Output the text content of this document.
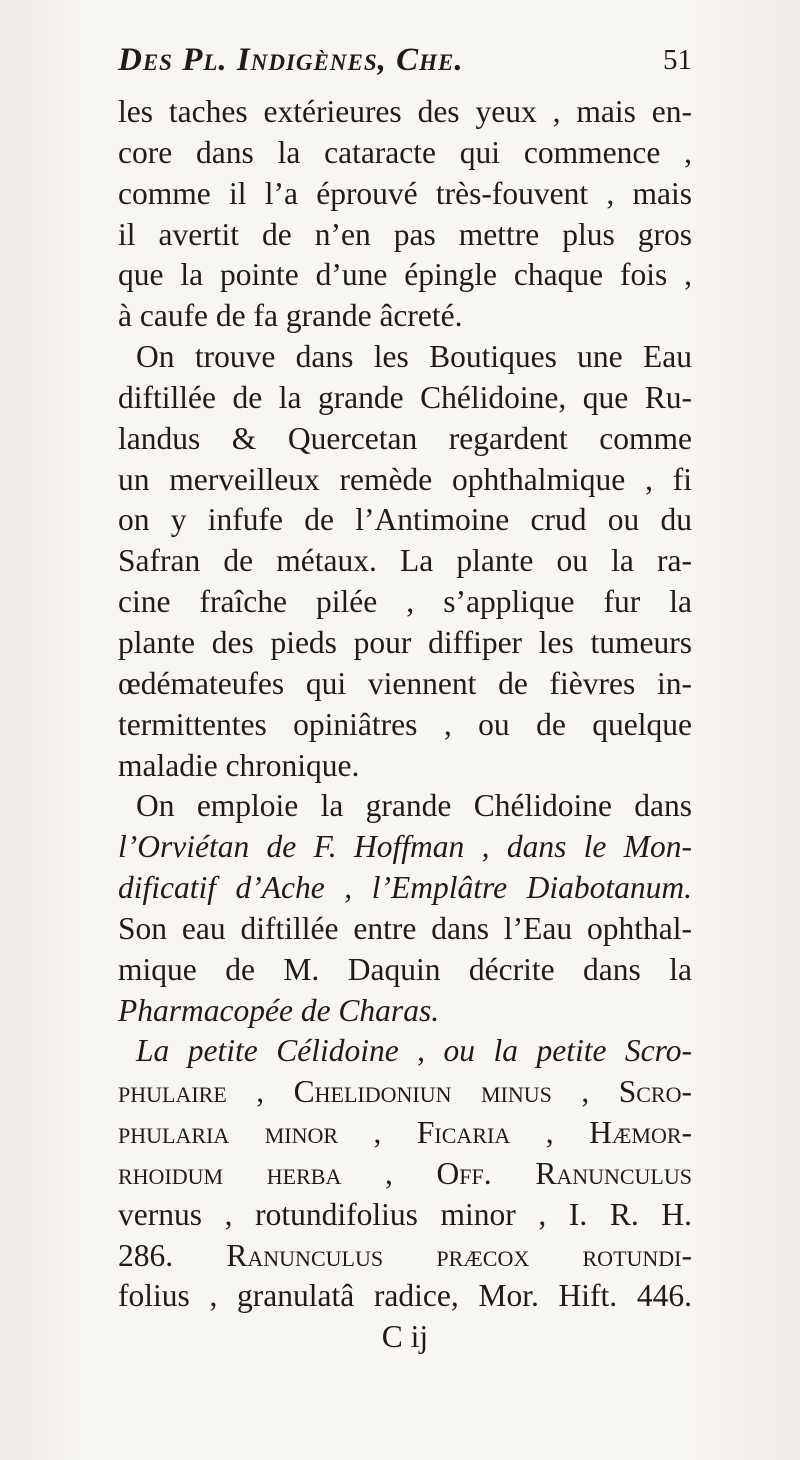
Des Pl. Indigènes, Che.	51
les taches extérieures des yeux , mais en-
core dans la cataracte qui commence ,
comme il l’a éprouvé très-fouvent , mais
il avertit de n’en pas mettre plus gros
que la pointe d’une épingle chaque fois ,
à caufe de fa grande âcreté.
On trouve dans les Boutiques une Eau
diftillée de la grande Chélidoine, que Ru-
landus & Quercetan regardent comme
un merveilleux remède ophthalmique , fi
on y infufe de l’Antimoine crud ou du
Safran de métaux. La plante ou la ra-
cine fraîche pilée , s’applique fur la
plante des pieds pour diffiper les tumeurs
œdémateufes qui viennent de fièvres in-
termittentes opiniâtres , ou de quelque
maladie chronique.
On emploie la grande Chélidoine dans
l’Orviétan de F. Hoffman , dans le Mon-
dificatif d’Ache , l’Emplâtre Diabotanum.
Son eau diftillée entre dans l’Eau ophthal-
mique de M. Daquin décrite dans la
Pharmacopée de Charas.
La petite Célidoine , ou la petite Scro-
phulaire , Chelidoniun minus , Scro-
phularia minor , Ficaria , Hæmor-
rhoidum herba , Off. Ranunculus
vernus , rotundifolius minor , I. R. H.
286. Ranunculus præcox rotundi-
folius , granulatâ radice, Mor. Hift. 446.
C ij
